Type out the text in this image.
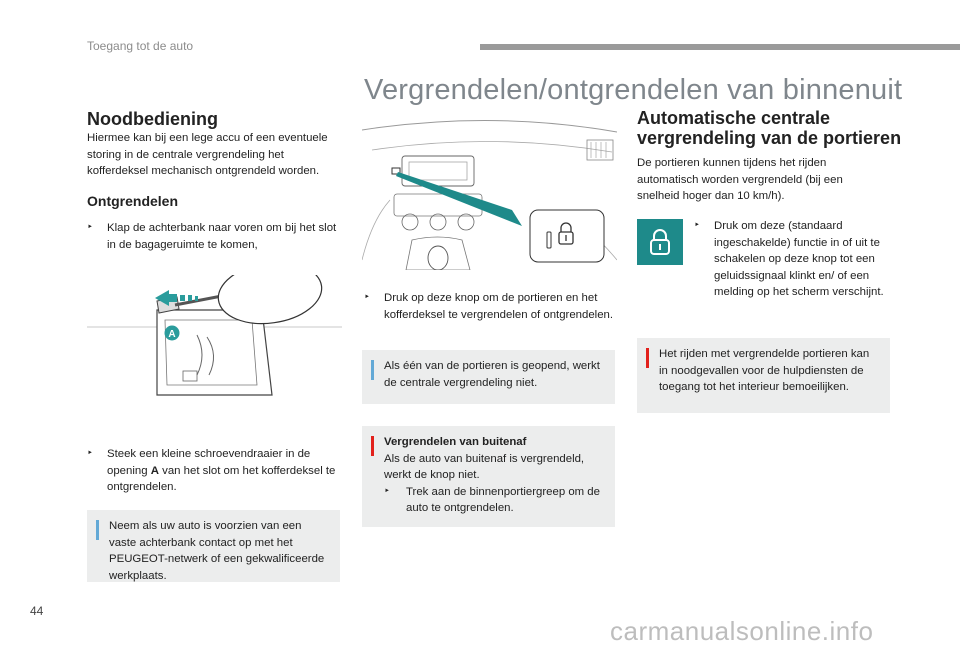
Toegang tot de auto
Vergrendelen/ontgrendelen van binnenuit
Noodbediening
Hiermee kan bij een lege accu of een eventuele storing in de centrale vergrendeling het kofferdeksel mechanisch ontgrendeld worden.
Ontgrendelen
‣ Klap de achterbank naar voren om bij het slot in de bagageruimte te komen,
A
‣ Steek een kleine schroevendraaier in de opening A van het slot om het kofferdeksel te ontgrendelen.
Neem als uw auto is voorzien van een vaste achterbank contact op met het PEUGEOT-netwerk of een gekwalificeerde werkplaats.
‣ Druk op deze knop om de portieren en het kofferdeksel te vergrendelen of ontgrendelen.
Als één van de portieren is geopend, werkt de centrale vergrendeling niet.
Vergrendelen van buitenaf
Als de auto van buitenaf is vergrendeld, werkt de knop niet.
‣ Trek aan de binnenportiergreep om de auto te ontgrendelen.
Automatische centrale
vergrendeling van de portieren
De portieren kunnen tijdens het rijden automatisch worden vergrendeld (bij een snelheid hoger dan 10 km/h).
‣ Druk om deze (standaard ingeschakelde) functie in of uit te schakelen op deze knop tot een geluidssignaal klinkt en/ of een melding op het scherm verschijnt.
Het rijden met vergrendelde portieren kan in noodgevallen voor de hulpdiensten de toegang tot het interieur bemoeilijken.
44
carmanualsonline.info
